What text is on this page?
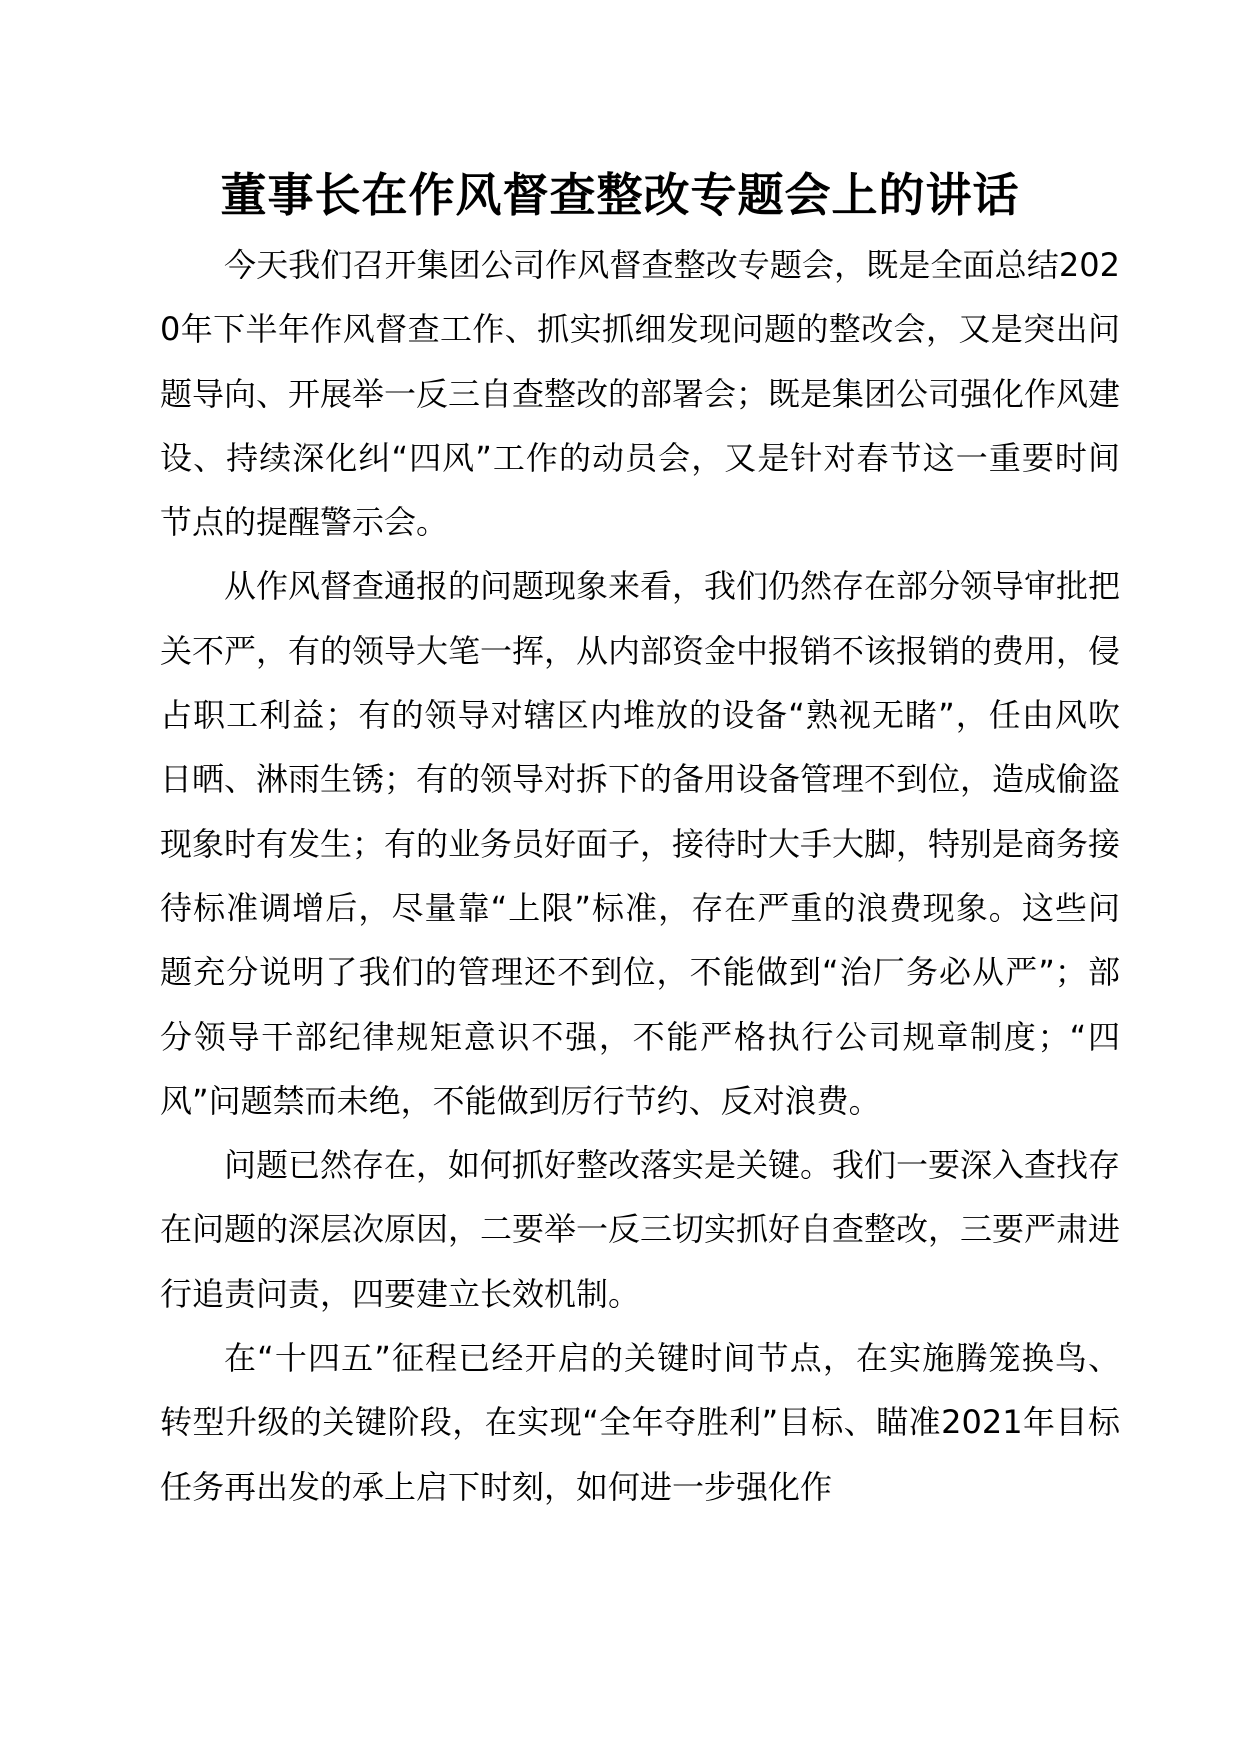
董事长在作风督查整改专题会上的讲话

今天我们召开集团公司作风督查整改专题会，既是全面总结2020年下半年作风督查工作、抓实抓细发现问题的整改会，又是突出问题导向、开展举一反三自查整改的部署会；既是集团公司强化作风建设、持续深化纠“四风”工作的动员会，又是针对春节这一重要时间节点的提醒警示会。

从作风督查通报的问题现象来看，我们仍然存在部分领导审批把关不严，有的领导大笔一挥，从内部资金中报销不该报销的费用，侵占职工利益；有的领导对辖区内堆放的设备“熟视无睹”，任由风吹日晒、淋雨生锈；有的领导对拆下的备用设备管理不到位，造成偷盗现象时有发生；有的业务员好面子，接待时大手大脚，特别是商务接待标准调增后，尽量靠“上限”标准，存在严重的浪费现象。这些问题充分说明了我们的管理还不到位，不能做到“治厂务必从严”；部分领导干部纪律规矩意识不强，不能严格执行公司规章制度；“四风”问题禁而未绝，不能做到厉行节约、反对浪费。

问题已然存在，如何抓好整改落实是关键。我们一要深入查找存在问题的深层次原因，二要举一反三切实抓好自查整改，三要严肃进行追责问责，四要建立长效机制。

在“十四五”征程已经开启的关键时间节点，在实施腾笼换鸟、转型升级的关键阶段，在实现“全年夺胜利”目标、瞄准2021年目标任务再出发的承上启下时刻，如何进一步强化作
